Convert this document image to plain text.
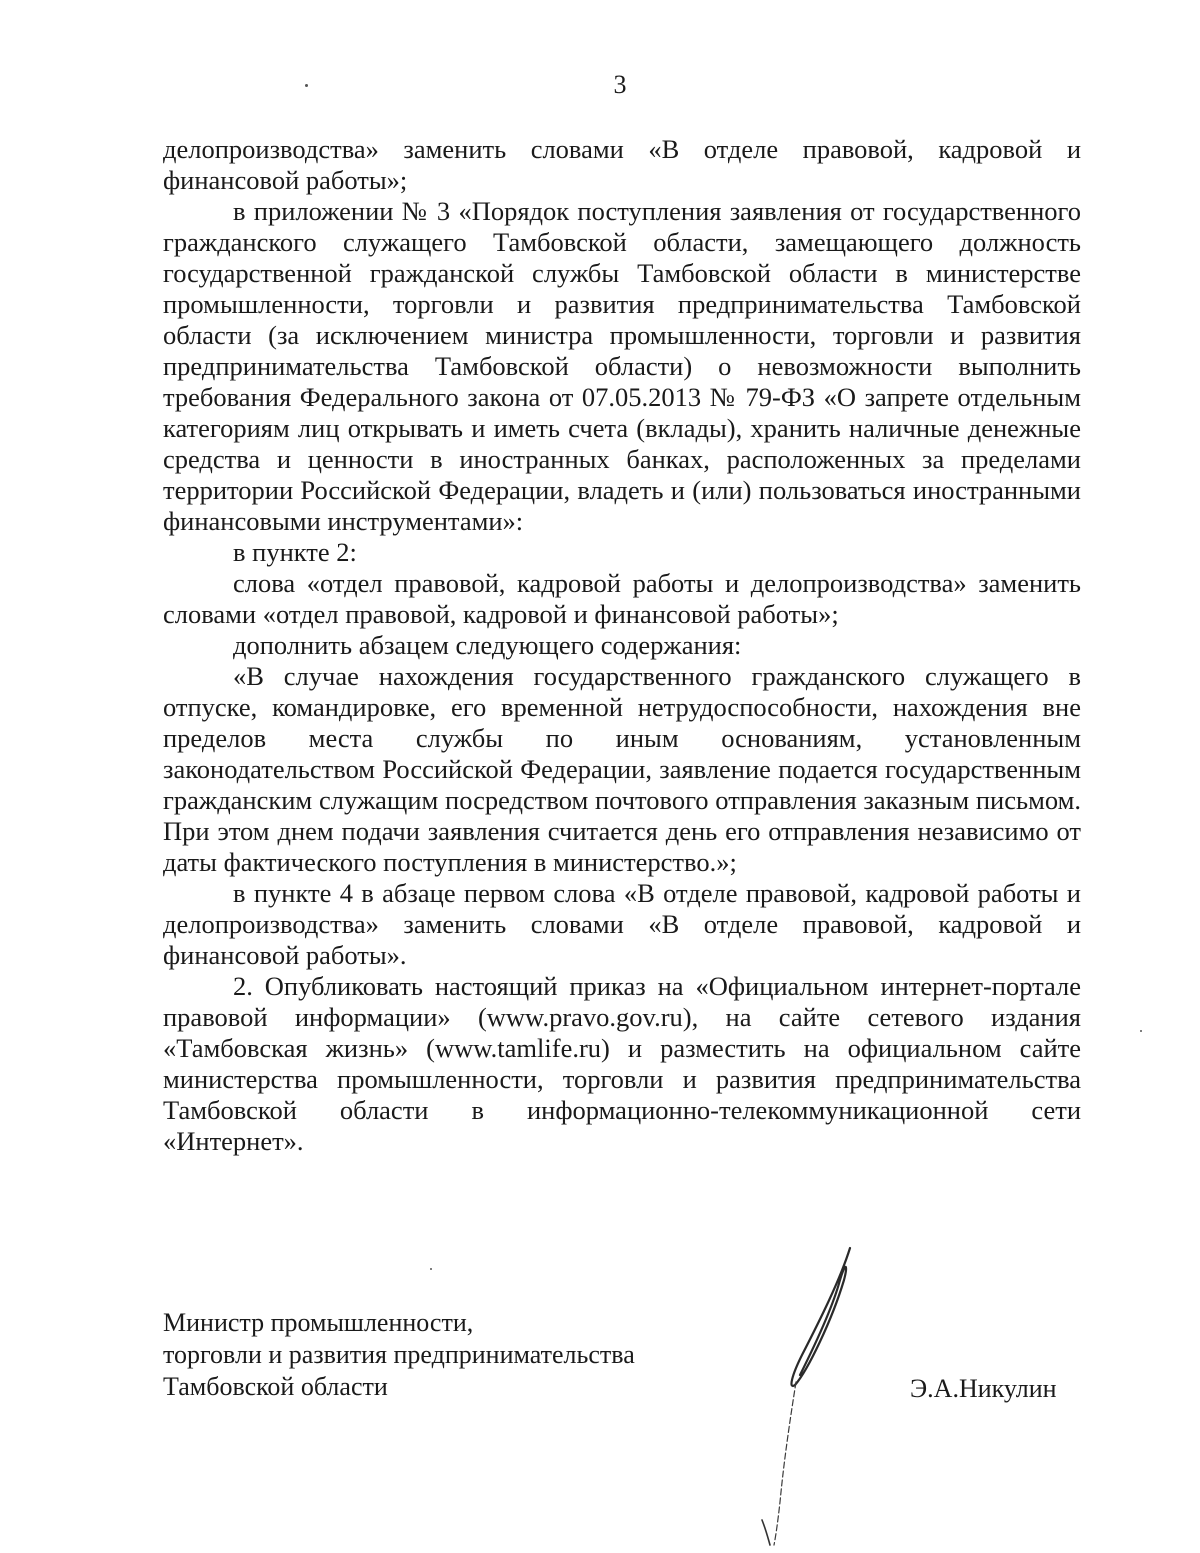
3

делопроизводства» заменить словами «В отделе правовой, кадровой и финансовой работы»;

в приложении № 3 «Порядок поступления заявления от государственного гражданского служащего Тамбовской области, замещающего должность государственной гражданской службы Тамбовской области в министерстве промышленности, торговли и развития предпринимательства Тамбовской области (за исключением министра промышленности, торговли и развития предпринимательства Тамбовской области) о невозможности выполнить требования Федерального закона от 07.05.2013 № 79-ФЗ «О запрете отдельным категориям лиц открывать и иметь счета (вклады), хранить наличные денежные средства и ценности в иностранных банках, расположенных за пределами территории Российской Федерации, владеть и (или) пользоваться иностранными финансовыми инструментами»:

в пункте 2:

слова «отдел правовой, кадровой работы и делопроизводства» заменить словами «отдел правовой, кадровой и финансовой работы»;

дополнить абзацем следующего содержания:

«В случае нахождения государственного гражданского служащего в отпуске, командировке, его временной нетрудоспособности, нахождения вне пределов места службы по иным основаниям, установленным законодательством Российской Федерации, заявление подается государственным гражданским служащим посредством почтового отправления заказным письмом. При этом днем подачи заявления считается день его отправления независимо от даты фактического поступления в министерство.»;

в пункте 4 в абзаце первом слова «В отделе правовой, кадровой работы и делопроизводства» заменить словами «В отделе правовой, кадровой и финансовой работы».

2. Опубликовать настоящий приказ на «Официальном интернет-портале правовой информации» (www.pravo.gov.ru), на сайте сетевого издания «Тамбовская жизнь» (www.tamlife.ru) и разместить на официальном сайте министерства промышленности, торговли и развития предпринимательства Тамбовской области в информационно-телекоммуникационной сети «Интернет».

Министр промышленности,
торговли и развития предпринимательства
Тамбовской области	Э.А.Никулин
